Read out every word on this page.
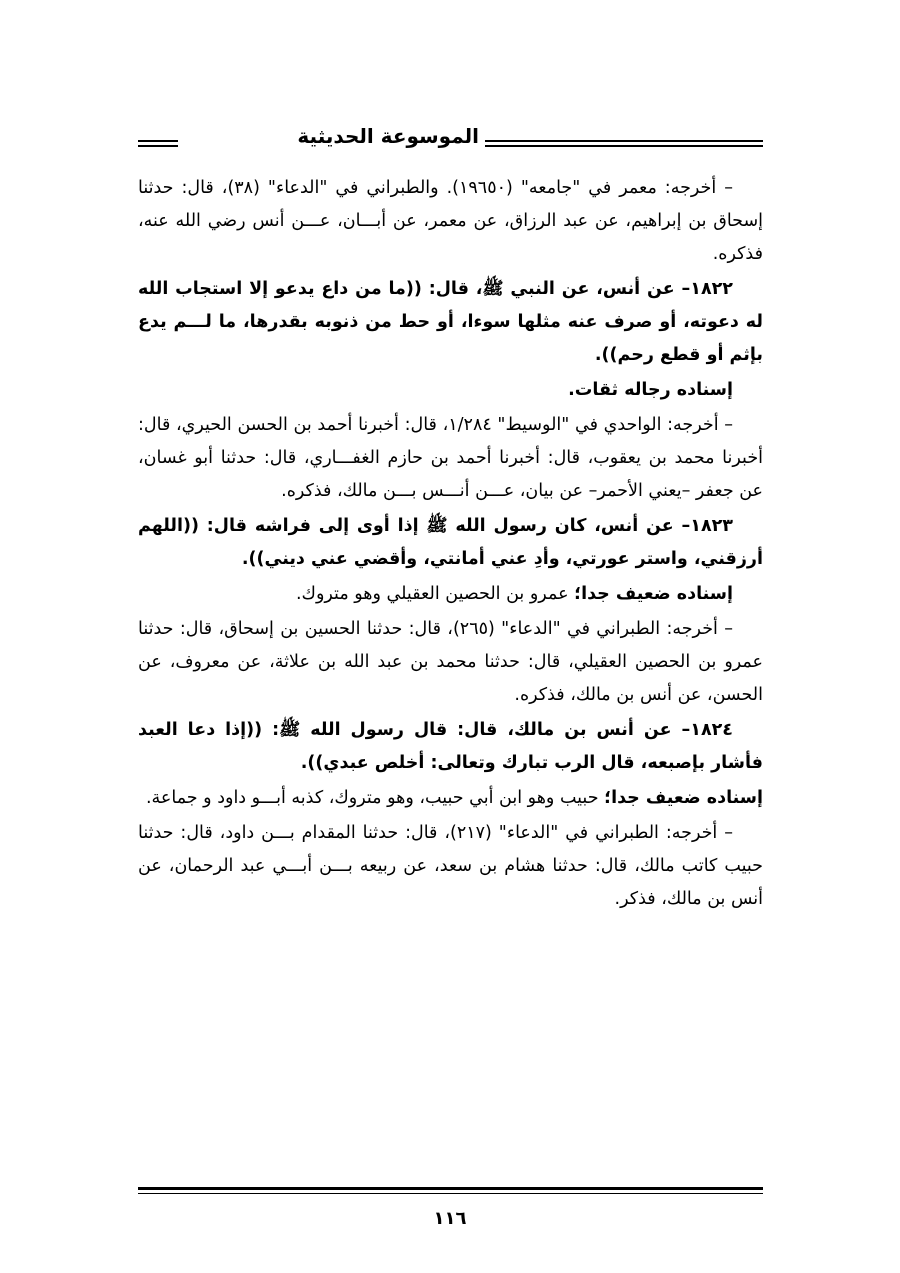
الموسوعة الحديثية

– أخرجه: معمر في "جامعه" (١٩٦٥٠). والطبراني في "الدعاء" (٣٨)، قال: حدثنا إسحاق بن إبراهيم، عن عبد الرزاق، عن معمر، عن أبـــان، عـــن أنس رضي الله عنه، فذكره.

١٨٢٢– عن أنس، عن النبي ﷺ، قال: ((ما من داع يدعو إلا استجاب الله له دعوته، أو صرف عنه مثلها سوءا، أو حط من ذنوبه بقدرها، ما لـــم يدع بإثم أو قطع رحم)).

إسناده رجاله ثقات.

– أخرجه: الواحدي في "الوسيط" ١/٢٨٤، قال: أخبرنا أحمد بن الحسن الحيري، قال: أخبرنا محمد بن يعقوب، قال: أخبرنا أحمد بن حازم الغفـــاري، قال: حدثنا أبو غسان، عن جعفر –يعني الأحمر– عن بيان، عـــن أنـــس بـــن مالك، فذكره.

١٨٢٣– عن أنس، كان رسول الله ﷺ إذا أوى إلى فراشه قال: ((اللهم أرزقني، واستر عورتي، وأدِ عني أمانتي، وأقضي عني ديني)).

إسناده ضعيف جدا؛ عمرو بن الحصين العقيلي وهو متروك.

– أخرجه: الطبراني في "الدعاء" (٢٦٥)، قال: حدثنا الحسين بن إسحاق، قال: حدثنا عمرو بن الحصين العقيلي، قال: حدثنا محمد بن عبد الله بن علاثة، عن معروف، عن الحسن، عن أنس بن مالك، فذكره.

١٨٢٤– عن أنس بن مالك، قال: قال رسول الله ﷺ: ((إذا دعا العبد فأشار بإصبعه، قال الرب تبارك وتعالى: أخلص عبدي)).

إسناده ضعيف جدا؛ حبيب وهو ابن أبي حبيب، وهو متروك، كذبه أبـــو داود و جماعة.

– أخرجه: الطبراني في "الدعاء" (٢١٧)، قال: حدثنا المقدام بـــن داود، قال: حدثنا حبيب كاتب مالك، قال: حدثنا هشام بن سعد، عن ربيعه بـــن أبـــي عبد الرحمان، عن أنس بن مالك، فذكر.

١١٦
